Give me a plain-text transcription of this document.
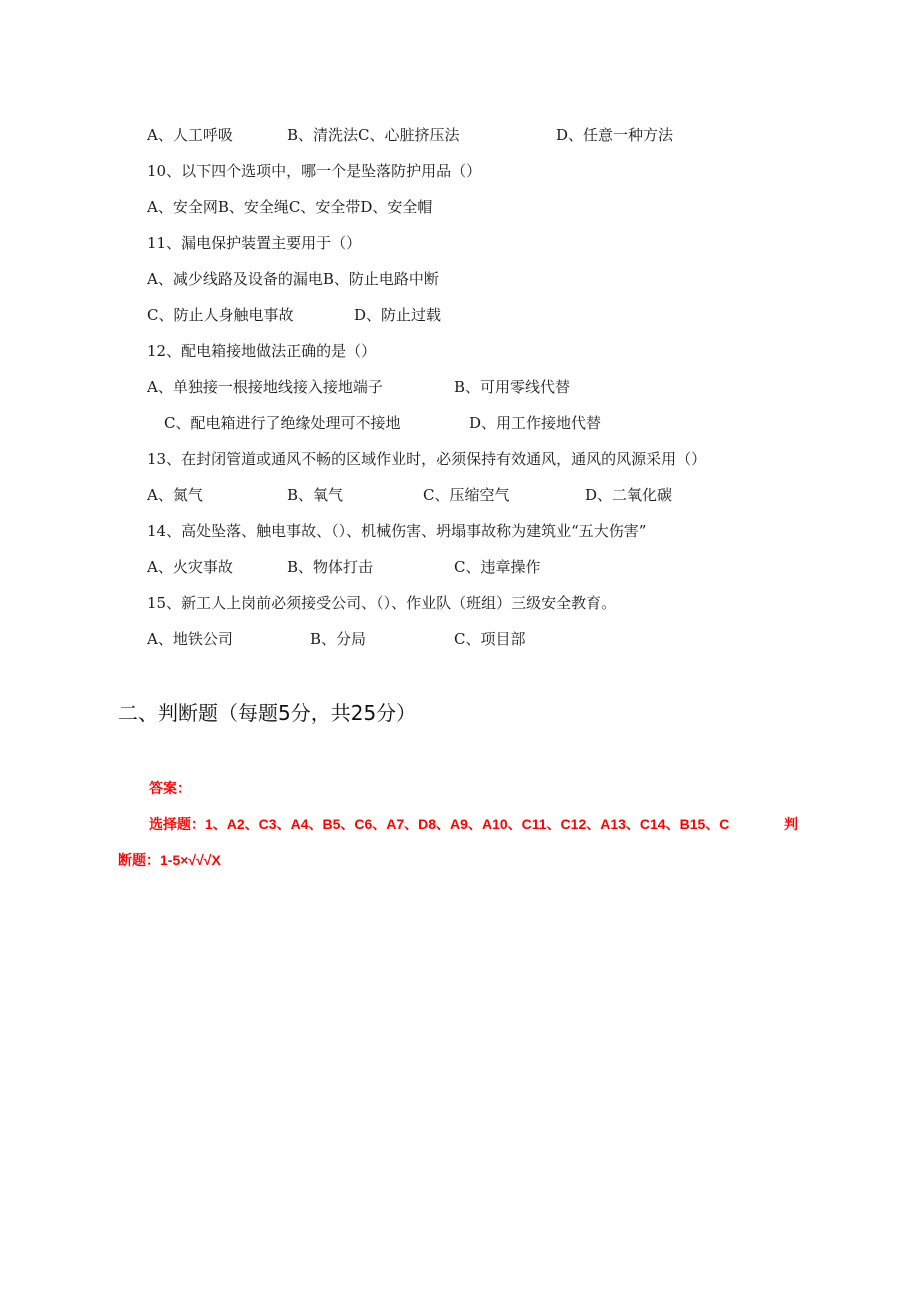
A、人工呼吸	B、清洗法C、心脏挤压法	D、任意一种方法
10、以下四个选项中，哪一个是坠落防护用品（）
A、安全网B、安全绳C、安全带D、安全帽
11、漏电保护装置主要用于（）
A、减少线路及设备的漏电B、防止电路中断
C、防止人身触电事故	D、防止过载
12、配电箱接地做法正确的是（）
A、单独接一根接地线接入接地端子	B、可用零线代替
C、配电箱进行了绝缘处理可不接地	D、用工作接地代替
13、在封闭管道或通风不畅的区域作业时，必须保持有效通风，通风的风源采用（）
A、氮气	B、氧气	C、压缩空气	D、二氧化碳
14、高处坠落、触电事故、（）、机械伤害、坍塌事故称为建筑业“五大伤害”
A、火灾事故	B、物体打击	C、违章操作
15、新工人上岗前必须接受公司、（）、作业队（班组）三级安全教育。
A、地铁公司	B、分局	C、项目部
二、判断题（每题5分，共25分）
答案：
选择题：1、A2、C3、A4、B5、C6、A7、D8、A9、A10、C11、C12、A13、C14、B15、C	判
断题：1-5×√√√X
